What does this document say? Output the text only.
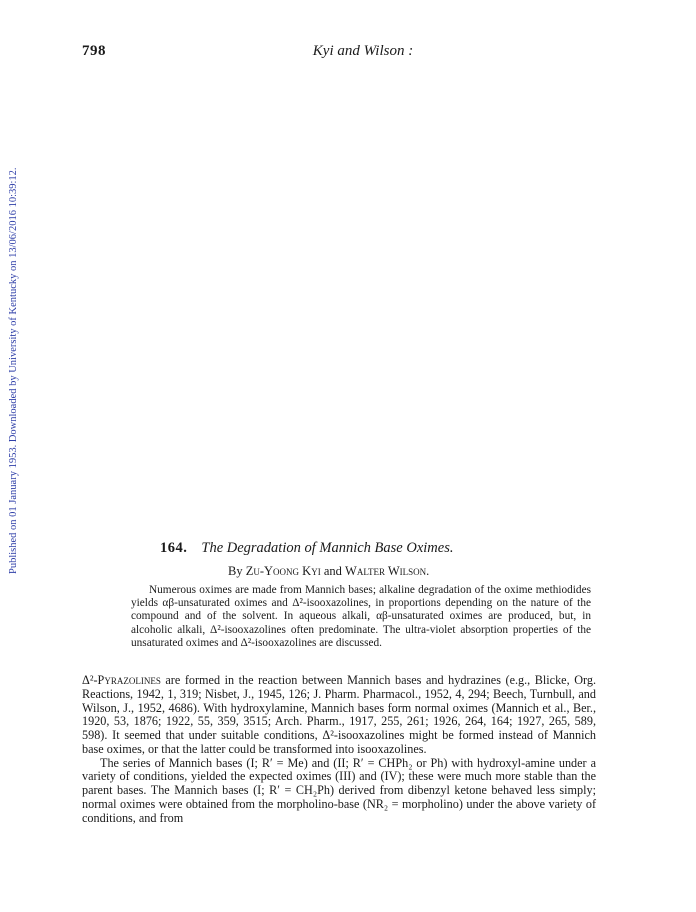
798	Kyi and Wilson :
Published on 01 January 1953. Downloaded by University of Kentucky on 13/06/2016 10:39:12.	164. The Degradation of Mannich Base Oximes.
By Zu-Yoong Kyi and Walter Wilson.

Numerous oximes are made from Mannich bases; alkaline degradation of the oxime methiodides yields αβ-unsaturated oximes and Δ²-isooxazolines, in proportions depending on the nature of the compound and of the solvent. In aqueous alkali, αβ-unsaturated oximes are produced, but, in alcoholic alkali, Δ²-isooxazolines often predominate. The ultra-violet absorption properties of the unsaturated oximes and Δ²-isooxazolines are discussed.

Δ²-Pyrazolines are formed in the reaction between Mannich bases and hydrazines (e.g., Blicke, Org. Reactions, 1942, 1, 319; Nisbet, J., 1945, 126; J. Pharm. Pharmacol., 1952, 4, 294; Beech, Turnbull, and Wilson, J., 1952, 4686). With hydroxylamine, Mannich bases form normal oximes (Mannich et al., Ber., 1920, 53, 1876; 1922, 55, 359, 3515; Arch. Pharm., 1917, 255, 261; 1926, 264, 164; 1927, 265, 589, 598). It seemed that under suitable conditions, Δ²-isooxazolines might be formed instead of Mannich base oximes, or that the latter could be transformed into isooxazolines.

The series of Mannich bases (I; R′ = Me) and (II; R′ = CHPh₂ or Ph) with hydroxyl-amine under a variety of conditions, yielded the expected oximes (III) and (IV); these were much more stable than the parent bases. The Mannich bases (I; R′ = CH₂Ph) derived from dibenzyl ketone behaved less simply; normal oximes were obtained from the morpholino-base (NR₂ = morpholino) under the above variety of conditions, and from
